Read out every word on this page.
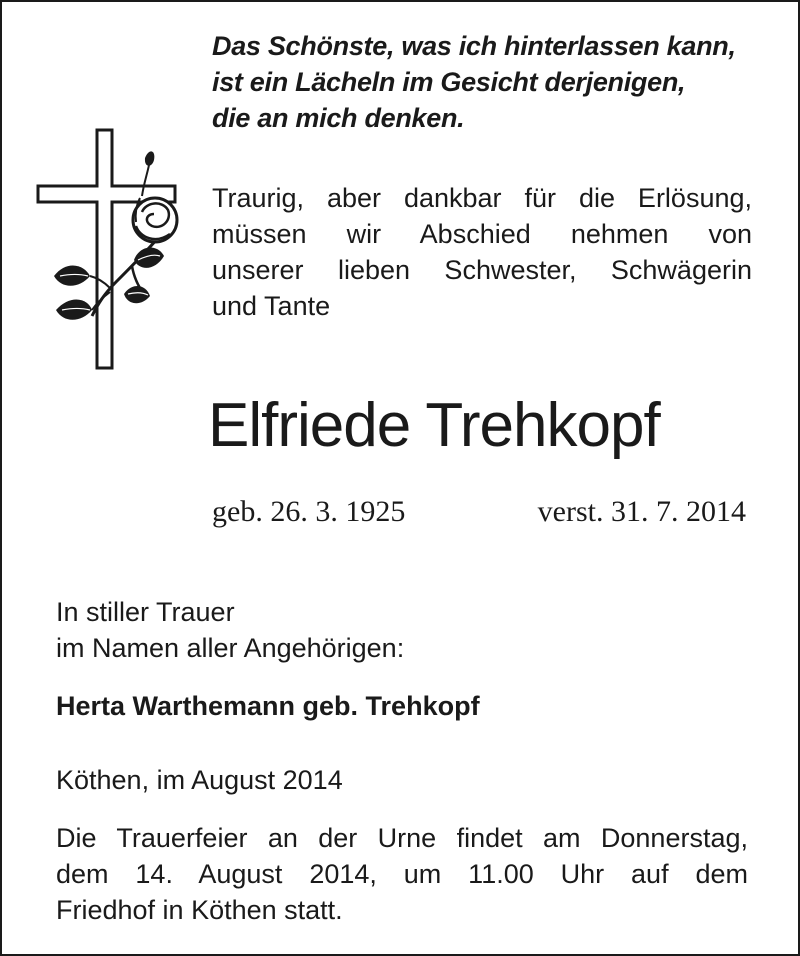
Das Schönste, was ich hinterlassen kann,
ist ein Lächeln im Gesicht derjenigen,
die an mich denken.
Traurig, aber dankbar für die Erlösung,
müssen wir Abschied nehmen von
unserer lieben Schwester, Schwägerin
und Tante
Elfriede Trehkopf
geb. 26. 3. 1925	verst. 31. 7. 2014
In stiller Trauer
im Namen aller Angehörigen:
Herta Warthemann geb. Trehkopf
Köthen, im August 2014
Die Trauerfeier an der Urne findet am Donnerstag,
dem 14. August 2014, um 11.00 Uhr auf dem
Friedhof in Köthen statt.
